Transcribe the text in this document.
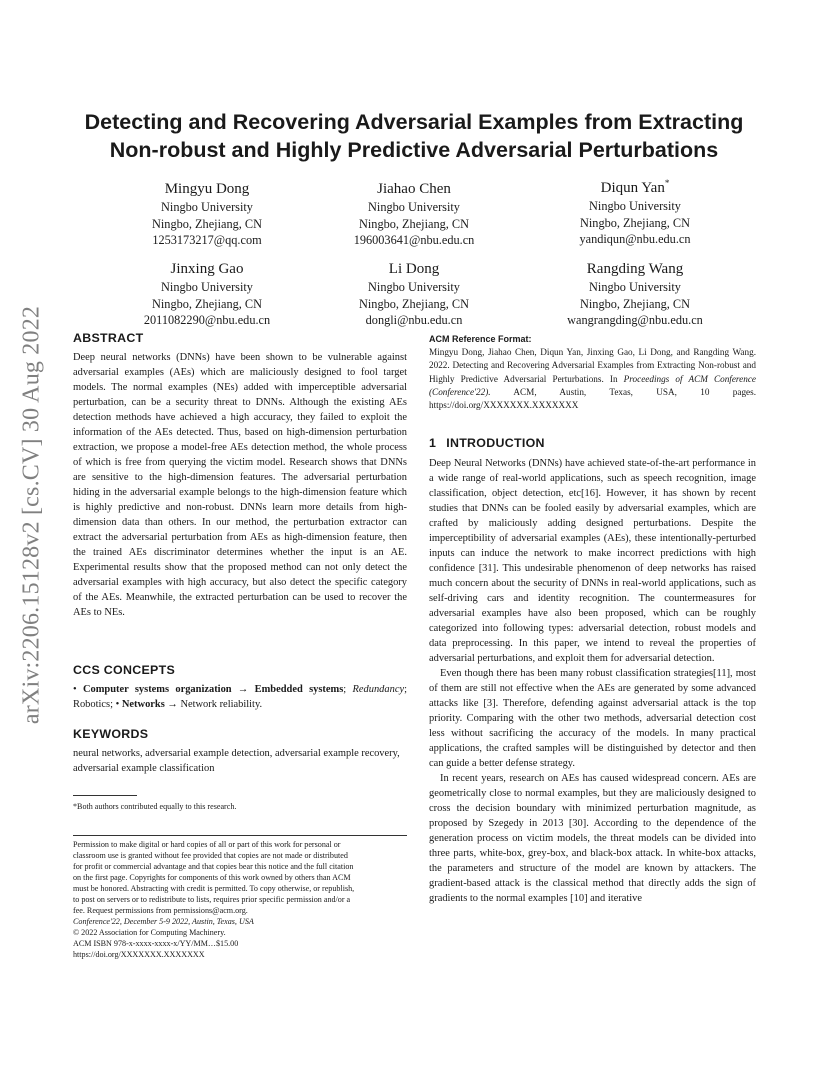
arXiv:2206.15128v2 [cs.CV] 30 Aug 2022
Detecting and Recovering Adversarial Examples from Extracting
Non-robust and Highly Predictive Adversarial Perturbations
Mingyu Dong
Ningbo University
Ningbo, Zhejiang, CN
1253173217@qq.com
Jiahao Chen
Ningbo University
Ningbo, Zhejiang, CN
196003641@nbu.edu.cn
Diqun Yan*
Ningbo University
Ningbo, Zhejiang, CN
yandiqun@nbu.edu.cn
Jinxing Gao
Ningbo University
Ningbo, Zhejiang, CN
2011082290@nbu.edu.cn
Li Dong
Ningbo University
Ningbo, Zhejiang, CN
dongli@nbu.edu.cn
Rangding Wang
Ningbo University
Ningbo, Zhejiang, CN
wangrangding@nbu.edu.cn
ABSTRACT

Deep neural networks (DNNs) have been shown to be vulnerable against adversarial examples (AEs) which are maliciously designed to fool target models. The normal examples (NEs) added with imperceptible adversarial perturbation, can be a security threat to DNNs. Although the existing AEs detection methods have achieved a high accuracy, they failed to exploit the information of the AEs detected. Thus, based on high-dimension perturbation extraction, we propose a model-free AEs detection method, the whole process of which is free from querying the victim model. Research shows that DNNs are sensitive to the high-dimension features. The adversarial perturbation hiding in the adversarial example belongs to the high-dimension feature which is highly predictive and non-robust. DNNs learn more details from high-dimension data than others. In our method, the perturbation extractor can extract the adversarial perturbation from AEs as high-dimension feature, then the trained AEs discriminator determines whether the input is an AE. Experimental results show that the proposed method can not only detect the adversarial examples with high accuracy, but also detect the specific category of the AEs. Meanwhile, the extracted perturbation can be used to recover the AEs to NEs.

CCS CONCEPTS

• Computer systems organization → Embedded systems; Redundancy; Robotics; • Networks → Network reliability.

KEYWORDS

neural networks, adversarial example detection, adversarial example recovery, adversarial example classification

*Both authors contributed equally to this research.
Permission to make digital or hard copies of all or part of this work for personal or
classroom use is granted without fee provided that copies are not made or distributed
for profit or commercial advantage and that copies bear this notice and the full citation
on the first page. Copyrights for components of this work owned by others than ACM
must be honored. Abstracting with credit is permitted. To copy otherwise, or republish,
to post on servers or to redistribute to lists, requires prior specific permission and/or a
fee. Request permissions from permissions@acm.org.
Conference'22, December 5-9 2022, Austin, Texas, USA
© 2022 Association for Computing Machinery.
ACM ISBN 978-x-xxxx-xxxx-x/YY/MM…$15.00
https://doi.org/XXXXXXX.XXXXXXX
ACM Reference Format:

Mingyu Dong, Jiahao Chen, Diqun Yan, Jinxing Gao, Li Dong, and Rangding Wang. 2022. Detecting and Recovering Adversarial Examples from Extracting Non-robust and Highly Predictive Adversarial Perturbations. In Proceedings of ACM Conference (Conference'22). ACM, Austin, Texas, USA, 10 pages. https://doi.org/XXXXXXX.XXXXXXX

1 INTRODUCTION

Deep Neural Networks (DNNs) have achieved state-of-the-art performance in a wide range of real-world applications, such as speech recognition, image classification, object detection, etc[16]. However, it has shown by recent studies that DNNs can be fooled easily by adversarial examples, which are crafted by maliciously adding designed perturbations. Despite the imperceptibility of adversarial examples (AEs), these intentionally-perturbed inputs can induce the network to make incorrect predictions with high confidence [31]. This undesirable phenomenon of deep networks has raised much concern about the security of DNNs in real-world applications, such as self-driving cars and identity recognition. The countermeasures for adversarial examples have also been proposed, which can be roughly categorized into following types: adversarial detection, robust models and data preprocessing. In this paper, we intend to reveal the properties of adversarial perturbations, and exploit them for adversarial detection.

Even though there has been many robust classification strategies[11], most of them are still not effective when the AEs are generated by some advanced attacks like [3]. Therefore, defending against adversarial attack is the top priority. Comparing with the other two methods, adversarial detection cost less without sacrificing the accuracy of the models. In many practical applications, the crafted samples will be distinguished by detector and then can guide a better defense strategy.

In recent years, research on AEs has caused widespread concern. AEs are geometrically close to normal examples, but they are maliciously designed to cross the decision boundary with minimized perturbation magnitude, as proposed by Szegedy in 2013 [30]. According to the dependence of the generation process on victim models, the threat models can be divided into three parts, white-box, grey-box, and black-box attack. In white-box attacks, the parameters and structure of the model are known by attackers. The gradient-based attack is the classical method that directly adds the sign of gradients to the normal examples [10] and iterative
